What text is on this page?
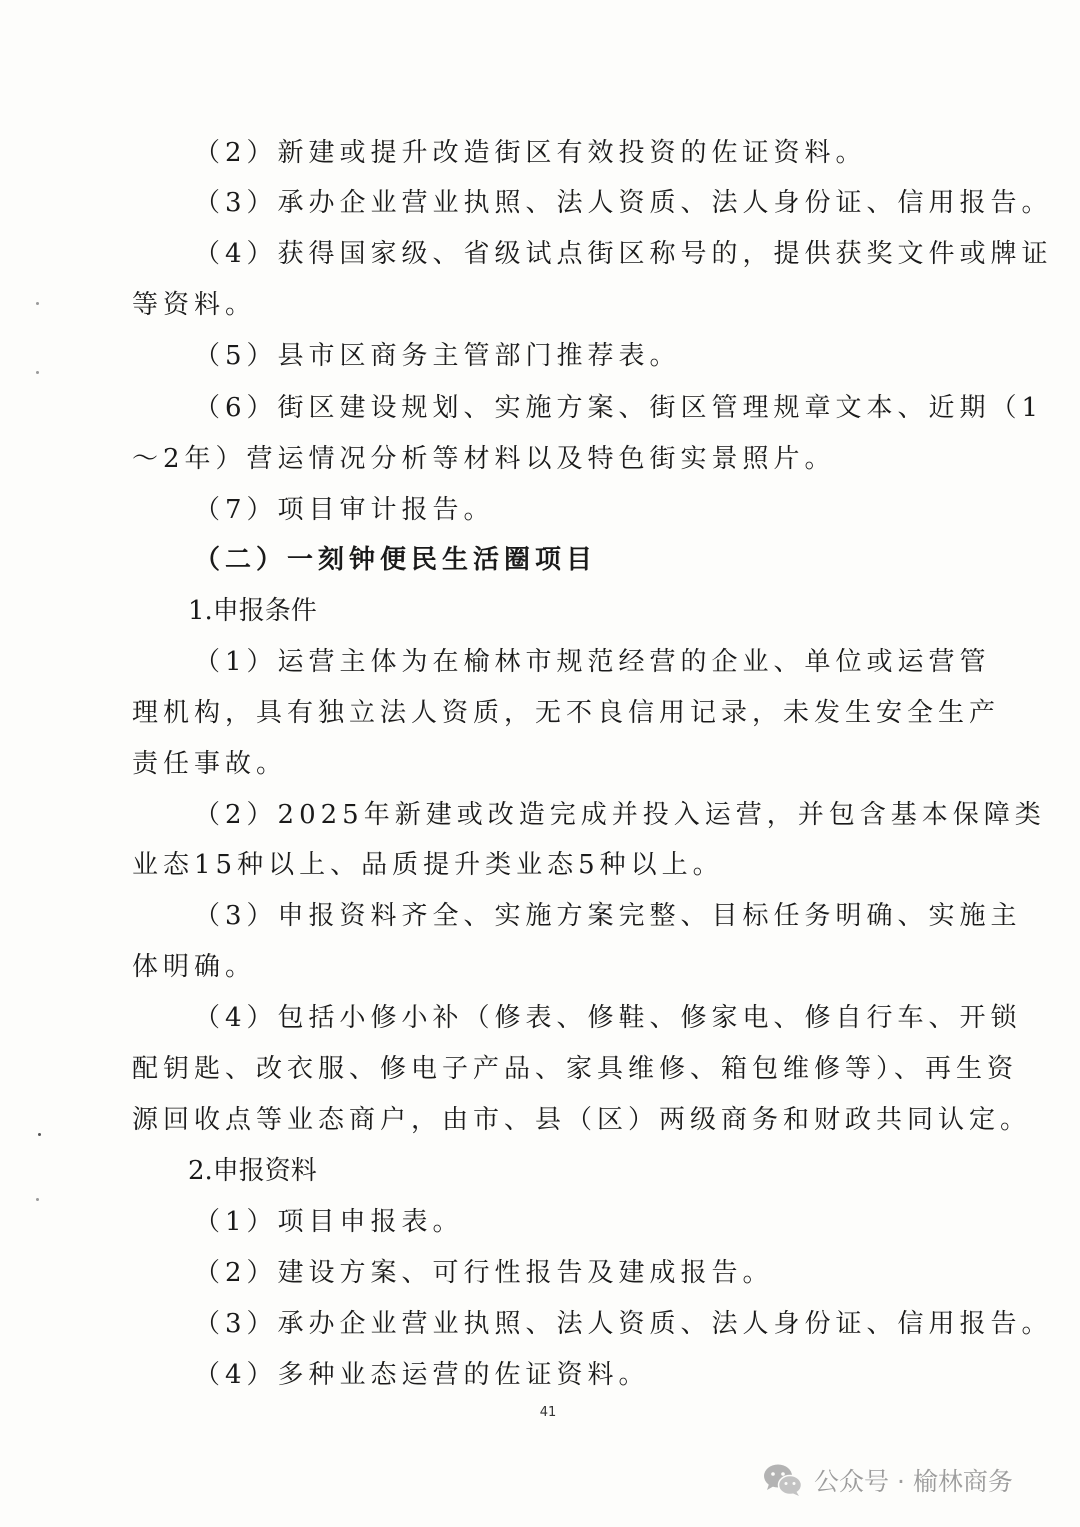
（2）新建或提升改造街区有效投资的佐证资料。
（3）承办企业营业执照、法人资质、法人身份证、信用报告。
（4）获得国家级、省级试点街区称号的，提供获奖文件或牌证
等资料。
（5）县市区商务主管部门推荐表。
（6）街区建设规划、实施方案、街区管理规章文本、近期（1
～2年）营运情况分析等材料以及特色街实景照片。
（7）项目审计报告。
（二）一刻钟便民生活圈项目
1.申报条件
（1）运营主体为在榆林市规范经营的企业、单位或运营管
理机构，具有独立法人资质，无不良信用记录，未发生安全生产
责任事故。
（2）2025年新建或改造完成并投入运营，并包含基本保障类
业态15种以上、品质提升类业态5种以上。
（3）申报资料齐全、实施方案完整、目标任务明确、实施主
体明确。
（4）包括小修小补（修表、修鞋、修家电、修自行车、开锁
配钥匙、改衣服、修电子产品、家具维修、箱包维修等）、再生资
源回收点等业态商户，由市、县（区）两级商务和财政共同认定。
2.申报资料
（1）项目申报表。
（2）建设方案、可行性报告及建成报告。
（3）承办企业营业执照、法人资质、法人身份证、信用报告。
（4）多种业态运营的佐证资料。
41
公众号 · 榆林商务
